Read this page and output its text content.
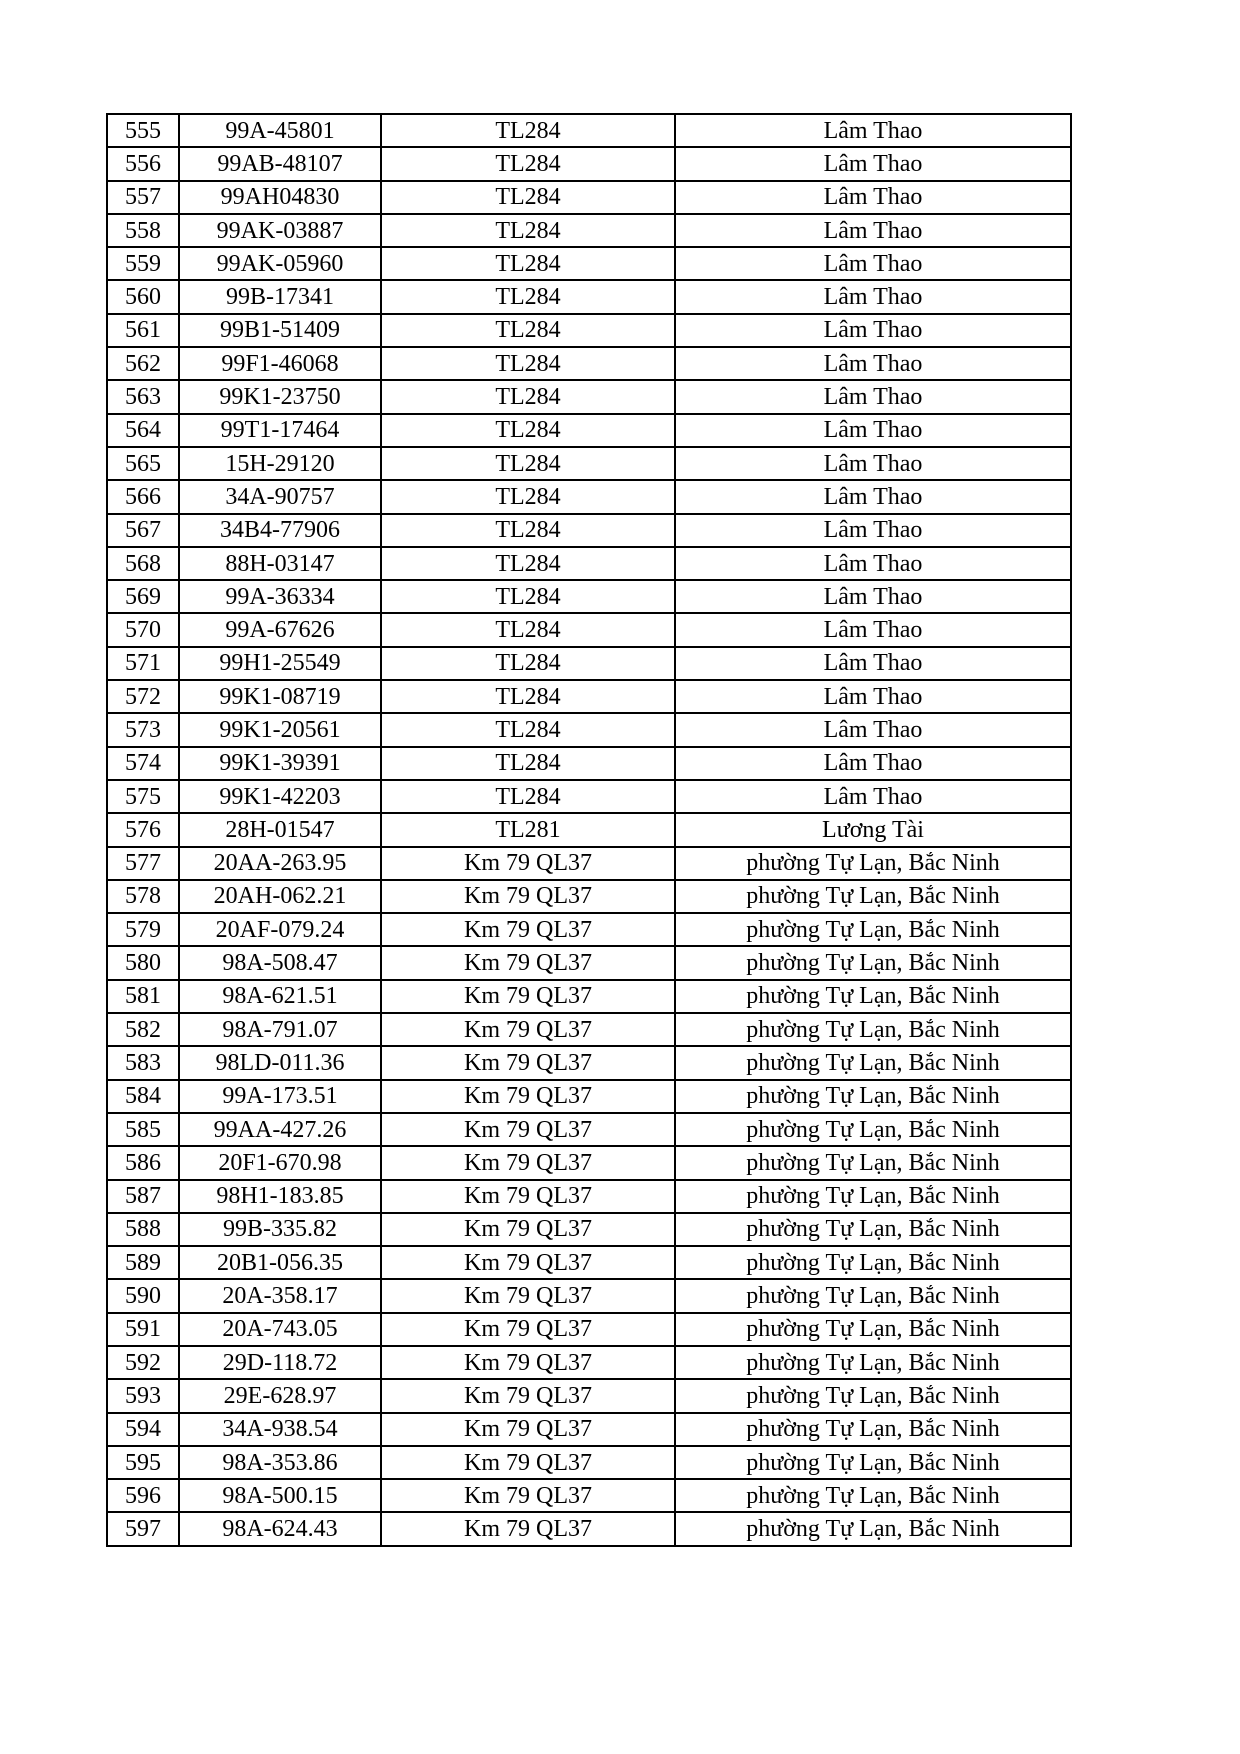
555	99A-45801	TL284	Lâm Thao
556	99AB-48107	TL284	Lâm Thao
557	99AH04830	TL284	Lâm Thao
558	99AK-03887	TL284	Lâm Thao
559	99AK-05960	TL284	Lâm Thao
560	99B-17341	TL284	Lâm Thao
561	99B1-51409	TL284	Lâm Thao
562	99F1-46068	TL284	Lâm Thao
563	99K1-23750	TL284	Lâm Thao
564	99T1-17464	TL284	Lâm Thao
565	15H-29120	TL284	Lâm Thao
566	34A-90757	TL284	Lâm Thao
567	34B4-77906	TL284	Lâm Thao
568	88H-03147	TL284	Lâm Thao
569	99A-36334	TL284	Lâm Thao
570	99A-67626	TL284	Lâm Thao
571	99H1-25549	TL284	Lâm Thao
572	99K1-08719	TL284	Lâm Thao
573	99K1-20561	TL284	Lâm Thao
574	99K1-39391	TL284	Lâm Thao
575	99K1-42203	TL284	Lâm Thao
576	28H-01547	TL281	Lương Tài
577	20AA-263.95	Km 79 QL37	phường Tự Lạn, Bắc Ninh
578	20AH-062.21	Km 79 QL37	phường Tự Lạn, Bắc Ninh
579	20AF-079.24	Km 79 QL37	phường Tự Lạn, Bắc Ninh
580	98A-508.47	Km 79 QL37	phường Tự Lạn, Bắc Ninh
581	98A-621.51	Km 79 QL37	phường Tự Lạn, Bắc Ninh
582	98A-791.07	Km 79 QL37	phường Tự Lạn, Bắc Ninh
583	98LD-011.36	Km 79 QL37	phường Tự Lạn, Bắc Ninh
584	99A-173.51	Km 79 QL37	phường Tự Lạn, Bắc Ninh
585	99AA-427.26	Km 79 QL37	phường Tự Lạn, Bắc Ninh
586	20F1-670.98	Km 79 QL37	phường Tự Lạn, Bắc Ninh
587	98H1-183.85	Km 79 QL37	phường Tự Lạn, Bắc Ninh
588	99B-335.82	Km 79 QL37	phường Tự Lạn, Bắc Ninh
589	20B1-056.35	Km 79 QL37	phường Tự Lạn, Bắc Ninh
590	20A-358.17	Km 79 QL37	phường Tự Lạn, Bắc Ninh
591	20A-743.05	Km 79 QL37	phường Tự Lạn, Bắc Ninh
592	29D-118.72	Km 79 QL37	phường Tự Lạn, Bắc Ninh
593	29E-628.97	Km 79 QL37	phường Tự Lạn, Bắc Ninh
594	34A-938.54	Km 79 QL37	phường Tự Lạn, Bắc Ninh
595	98A-353.86	Km 79 QL37	phường Tự Lạn, Bắc Ninh
596	98A-500.15	Km 79 QL37	phường Tự Lạn, Bắc Ninh
597	98A-624.43	Km 79 QL37	phường Tự Lạn, Bắc Ninh
